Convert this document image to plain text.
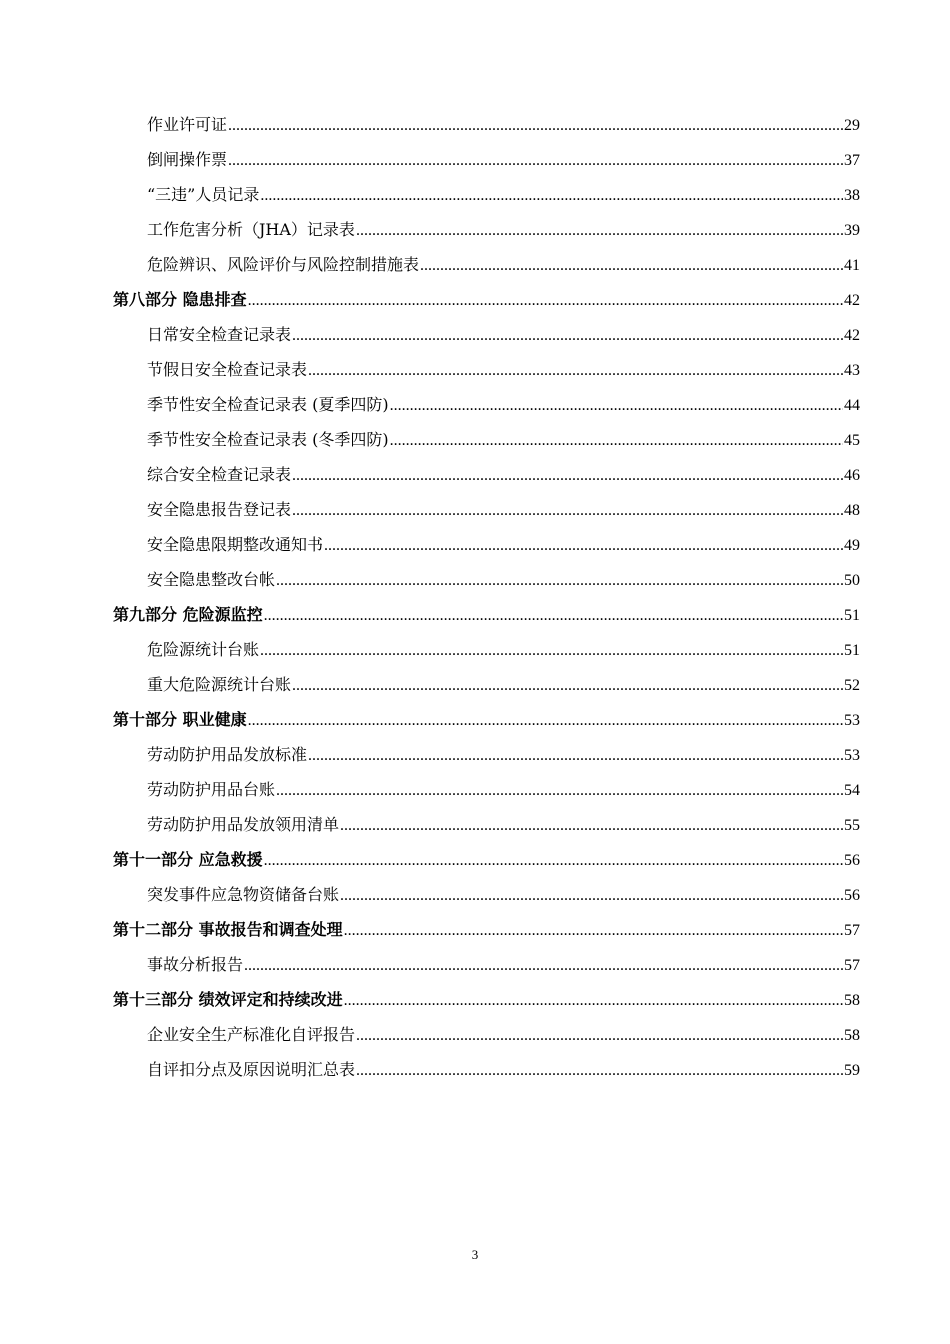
作业许可证 .....	29
倒闸操作票 .....	37
“三违”人员记录 .....	38
工作危害分析（JHA）记录表 .....	39
危险辨识、风险评价与风险控制措施表 .....	41
第八部分 隐患排查 .....	42
日常安全检查记录表 .....	42
节假日安全检查记录表 .....	43
季节性安全检查记录表 (夏季四防) .....	44
季节性安全检查记录表 (冬季四防) .....	45
综合安全检查记录表 .....	46
安全隐患报告登记表 .....	48
安全隐患限期整改通知书 .....	49
安全隐患整改台帐 .....	50
第九部分 危险源监控 .....	51
危险源统计台账 .....	51
重大危险源统计台账 .....	52
第十部分 职业健康 .....	53
劳动防护用品发放标准 .....	53
劳动防护用品台账 .....	54
劳动防护用品发放领用清单 .....	55
第十一部分 应急救援 .....	56
突发事件应急物资储备台账 .....	56
第十二部分 事故报告和调查处理 .....	57
事故分析报告 .....	57
第十三部分 绩效评定和持续改进 .....	58
企业安全生产标准化自评报告 .....	58
自评扣分点及原因说明汇总表 .....	59
3
